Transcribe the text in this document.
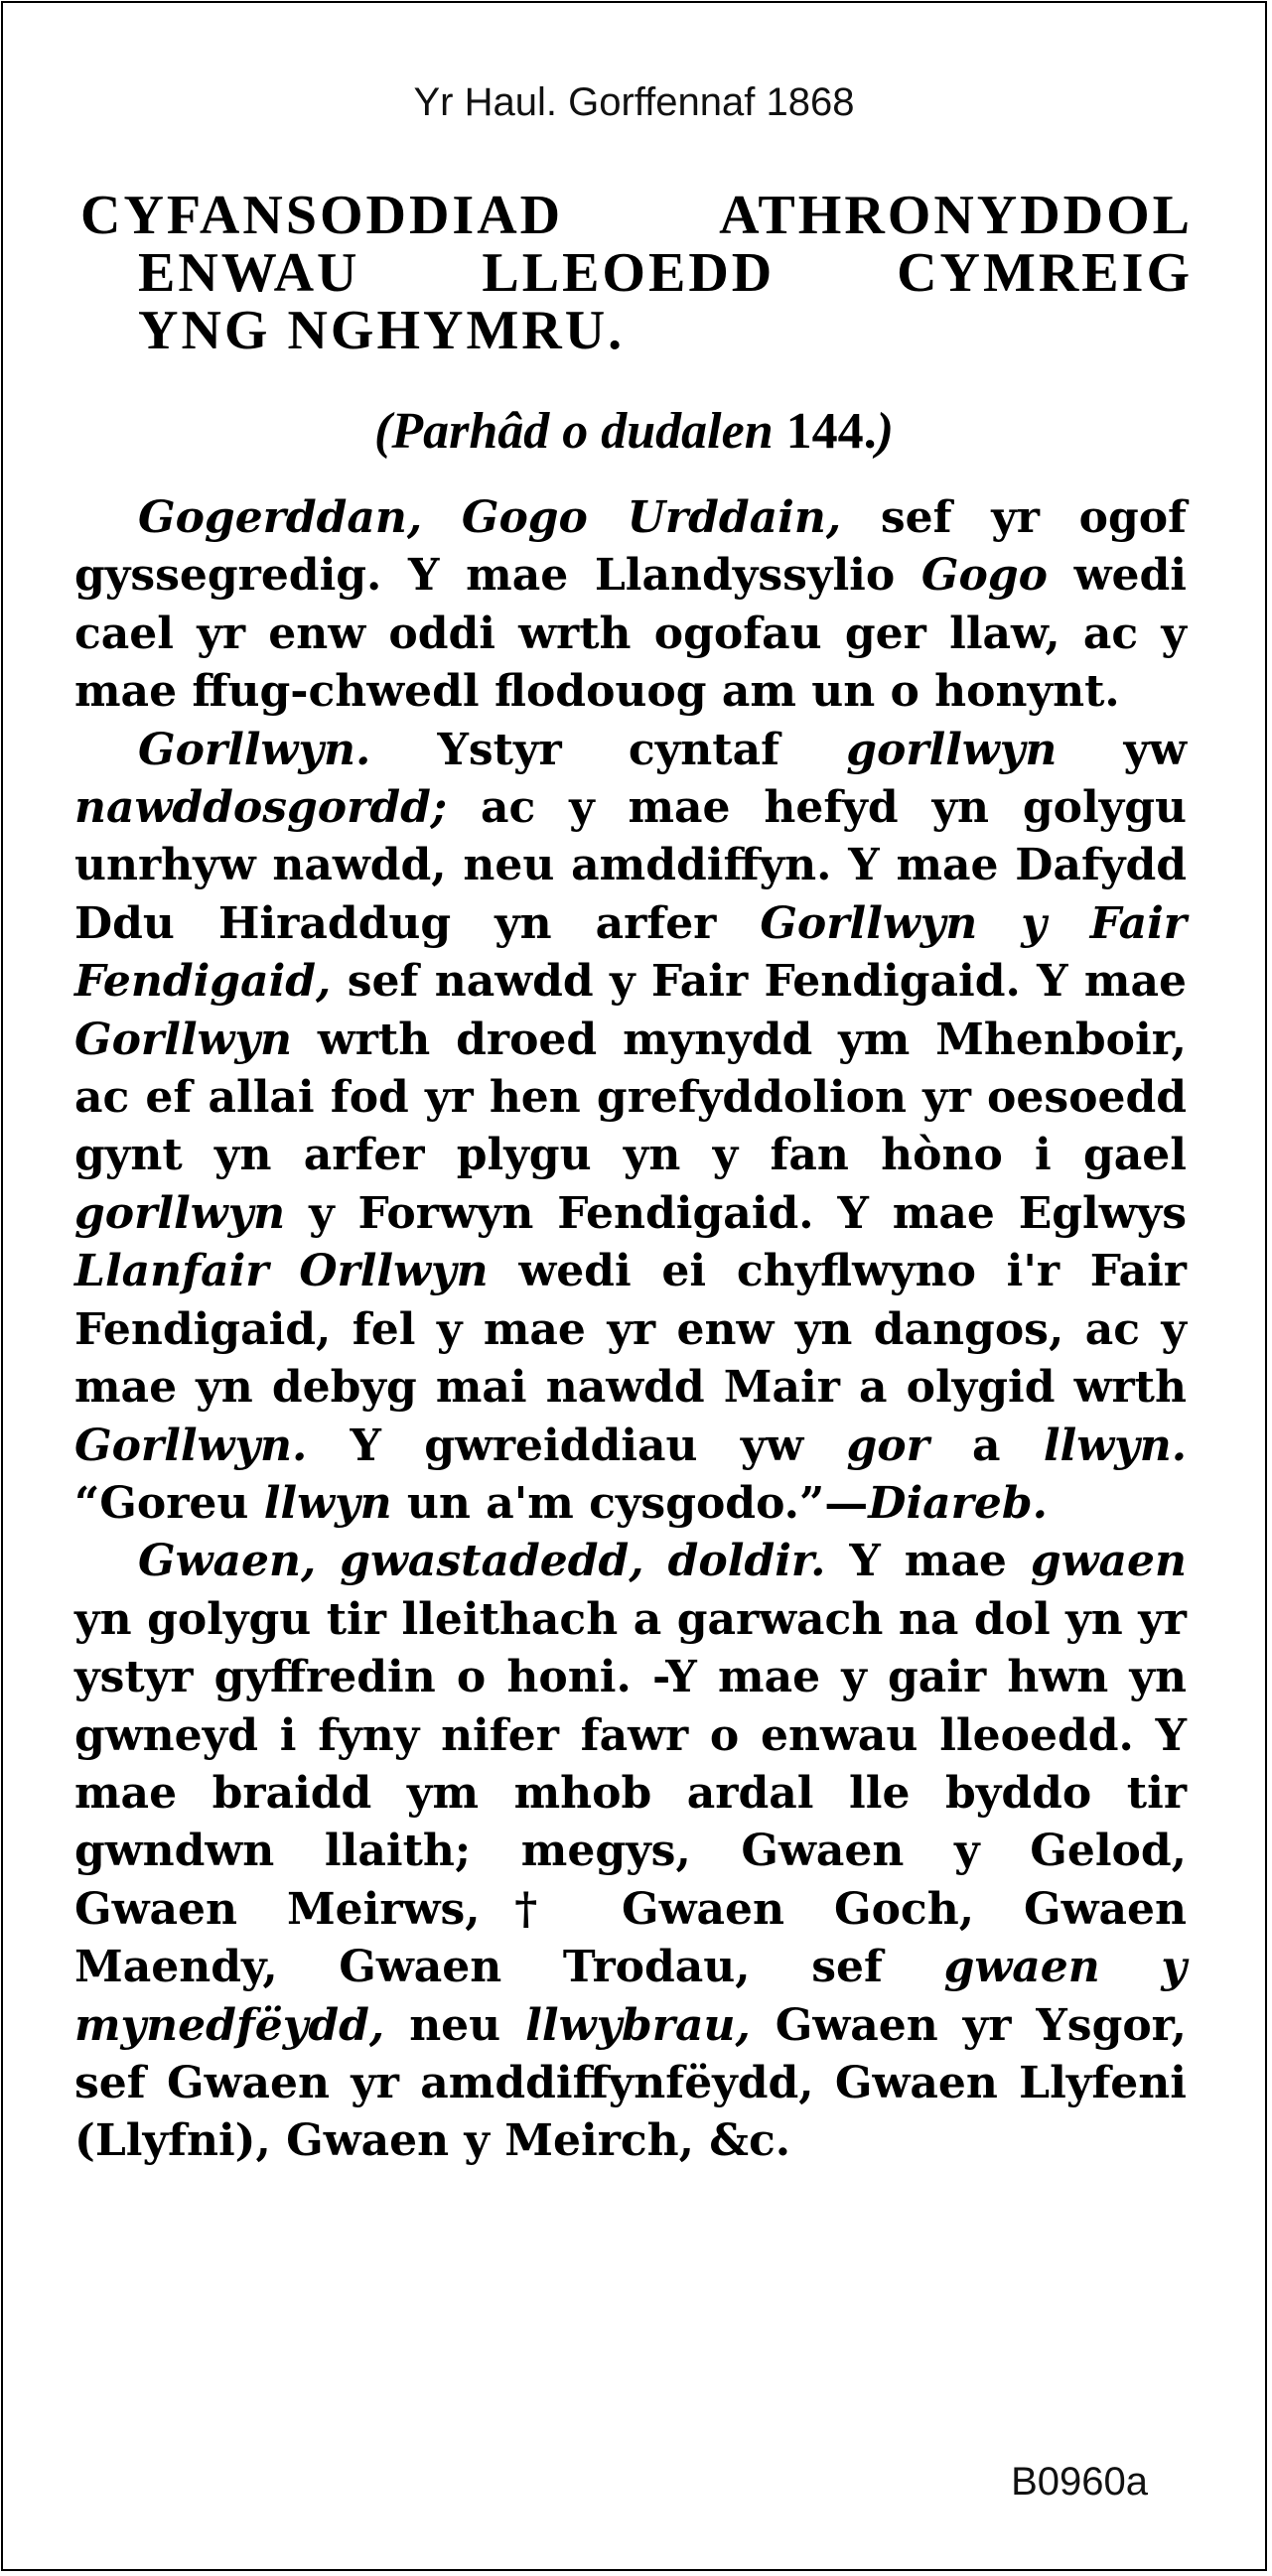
Yr Haul. Gorffennaf 1868
CYFANSODDIAD ATHRONYDDOL
ENWAU LLEOEDD CYMREIG
YNG NGHYMRU.
(Parhâd o dudalen 144.)

Gogerddan, Gogo Urddain, sef yr ogof gyssegredig. Y mae Llandyssylio Gogo wedi cael yr enw oddi wrth ogofau ger llaw, ac y mae ffug-chwedl flodouog am un o honynt.

Gorllwyn. Ystyr cyntaf gorllwyn yw nawddosgordd; ac y mae hefyd yn golygu unrhyw nawdd, neu amddiffyn. Y mae Dafydd Ddu Hiraddug yn arfer Gorllwyn y Fair Fendigaid, sef nawdd y Fair Fendigaid. Y mae Gorllwyn wrth droed mynydd ym Mhenboir, ac ef allai fod yr hen grefyddolion yr oesoedd gynt yn arfer plygu yn y fan hòno i gael gorllwyn y Forwyn Fendigaid. Y mae Eglwys Llanfair Orllwyn wedi ei chyflwyno i'r Fair Fendigaid, fel y mae yr enw yn dangos, ac y mae yn debyg mai nawdd Mair a olygid wrth Gorllwyn. Y gwreiddiau yw gor a llwyn. “Goreu llwyn un a'm cysgodo.”—Diareb.

Gwaen, gwastadedd, doldir. Y mae gwaen yn golygu tir lleithach a garwach na dol yn yr ystyr gyffredin o honi. -Y mae y gair hwn yn gwneyd i fyny nifer fawr o enwau lleoedd. Y mae braidd ym mhob ardal lle byddo tir gwndwn llaith; megys, Gwaen y Gelod, Gwaen Meirws,† Gwaen Goch, Gwaen Maendy, Gwaen Trodau, sef gwaen y mynedfëydd, neu llwybrau, Gwaen yr Ysgor, sef Gwaen yr amddiffynfëydd, Gwaen Llyfeni (Llyfni), Gwaen y Meirch, &c.

B0960a
